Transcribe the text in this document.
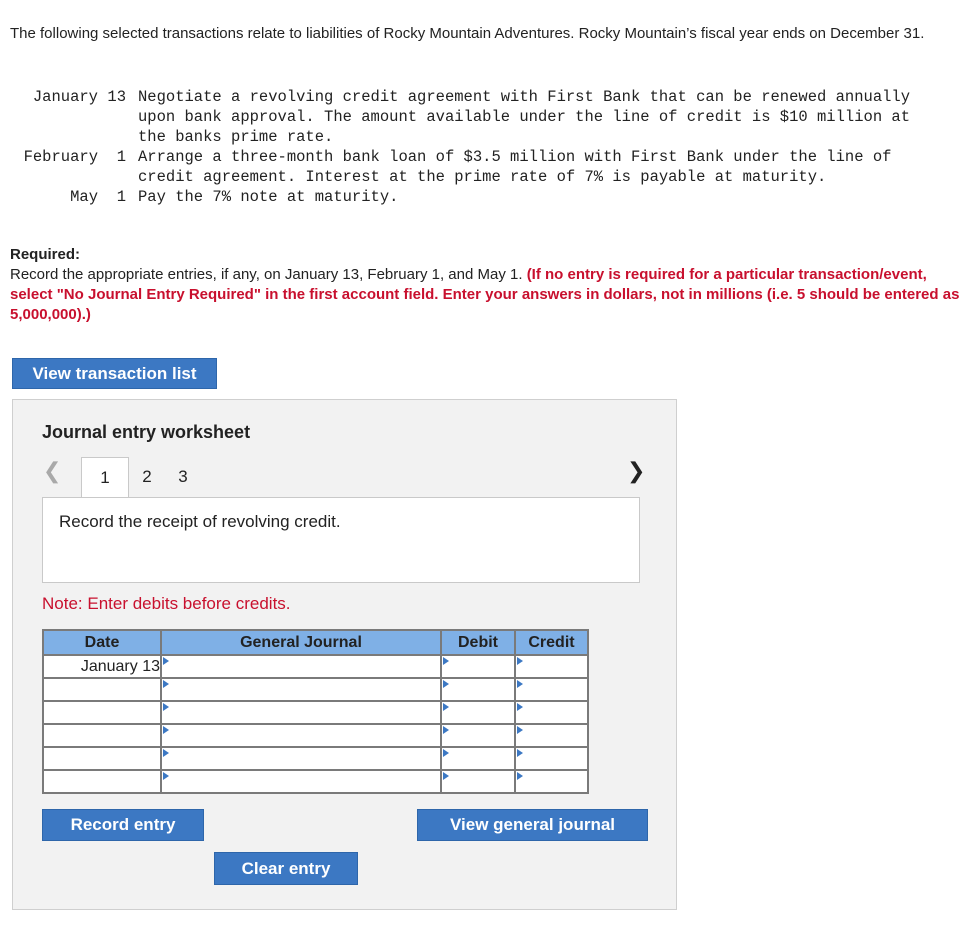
The following selected transactions relate to liabilities of Rocky Mountain Adventures. Rocky Mountain’s fiscal year ends on December 31.
January 13 Negotiate a revolving credit agreement with First Bank that can be renewed annually upon bank approval. The amount available under the line of credit is $10 million at the banks prime rate.
February	1 Arrange a three-month bank loan of $3.5 million with First Bank under the line of credit agreement. Interest at the prime rate of 7% is payable at maturity.
May	1 Pay the 7% note at maturity.
Required:
Record the appropriate entries, if any, on January 13, February 1, and May 1. (If no entry is required for a particular transaction/event, select "No Journal Entry Required" in the first account field. Enter your answers in dollars, not in millions (i.e. 5 should be entered as 5,000,000).)
View transaction list
Journal entry worksheet
❮	1	2	3	❯
Record the receipt of revolving credit.
Note: Enter debits before credits.
Date	General Journal	Debit	Credit
January 13	

Record entry	View general journal
Clear entry
